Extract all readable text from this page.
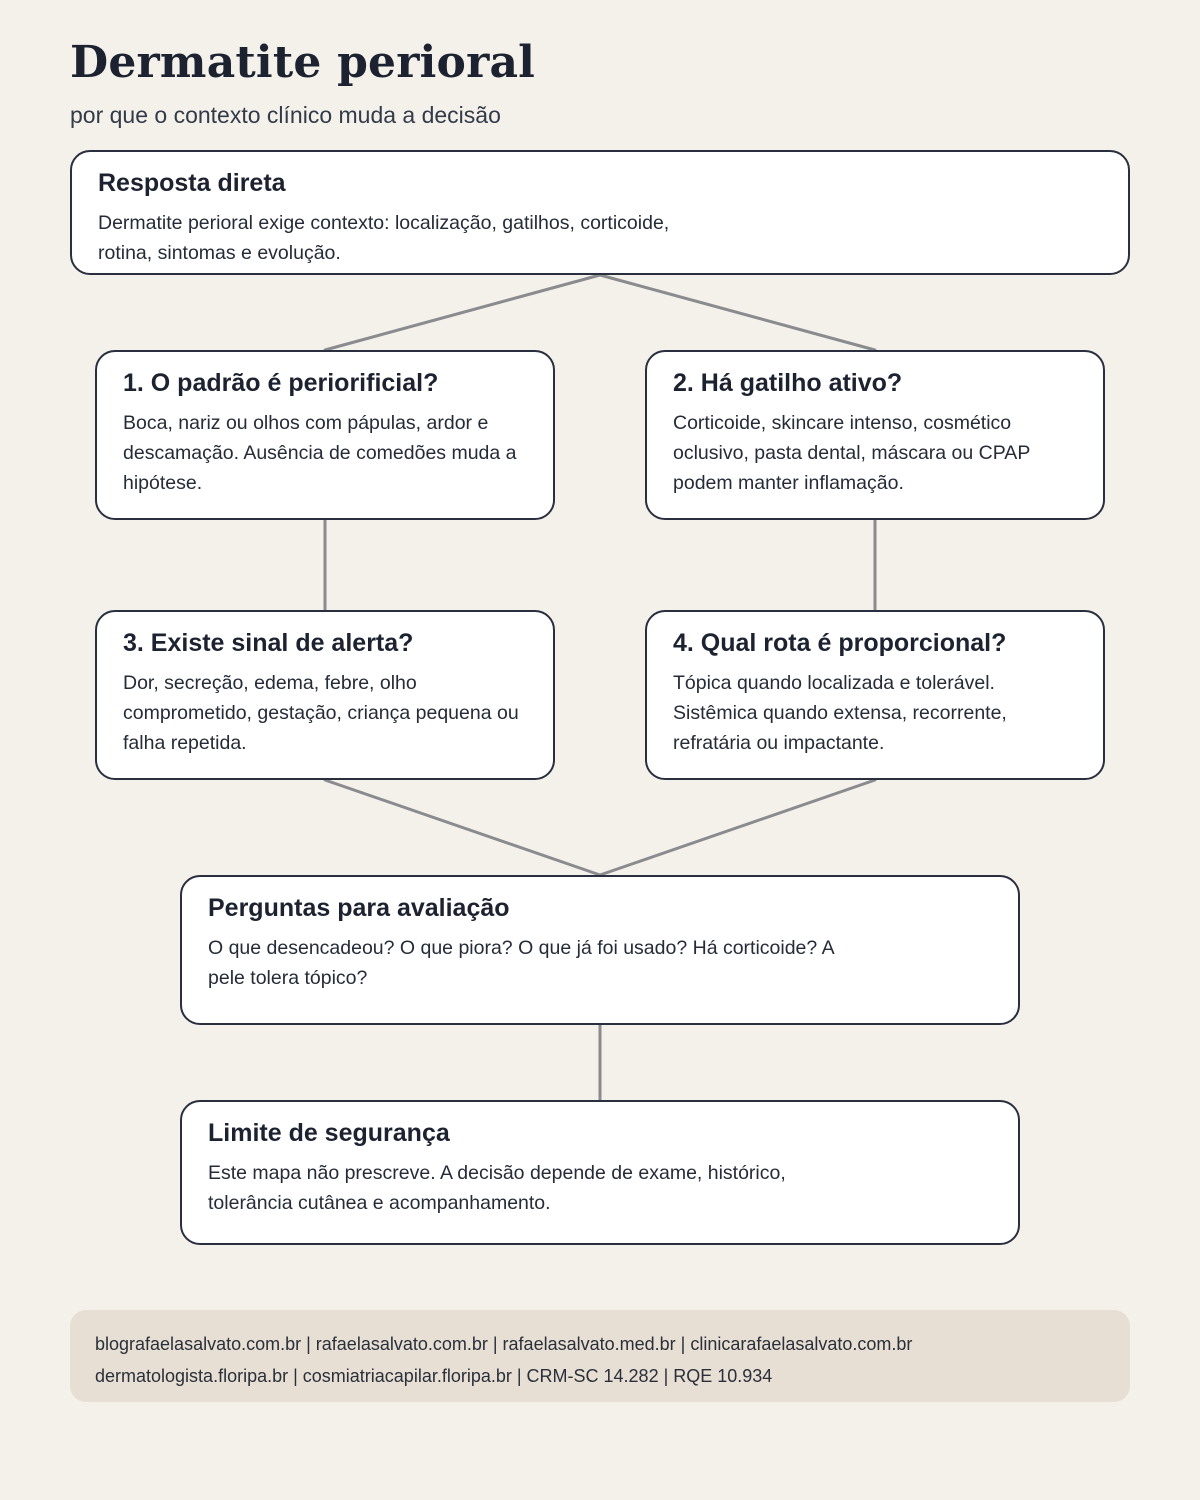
Dermatite perioral
por que o contexto clínico muda a decisão
Resposta direta

Dermatite perioral exige contexto: localização, gatilhos, corticoide, rotina, sintomas e evolução.

1. O padrão é periorificial?

Boca, nariz ou olhos com pápulas, ardor e descamação. Ausência de comedões muda a hipótese.

2. Há gatilho ativo?

Corticoide, skincare intenso, cosmético oclusivo, pasta dental, máscara ou CPAP podem manter inflamação.

3. Existe sinal de alerta?

Dor, secreção, edema, febre, olho comprometido, gestação, criança pequena ou falha repetida.

4. Qual rota é proporcional?

Tópica quando localizada e tolerável. Sistêmica quando extensa, recorrente, refratária ou impactante.

Perguntas para avaliação

O que desencadeou? O que piora? O que já foi usado? Há corticoide? A pele tolera tópico?

Limite de segurança

Este mapa não prescreve. A decisão depende de exame, histórico, tolerância cutânea e acompanhamento.

blografaelasalvato.com.br | rafaelasalvato.com.br | rafaelasalvato.med.br | clinicarafaelasalvato.com.br
dermatologista.floripa.br | cosmiatriacapilar.floripa.br | CRM-SC 14.282 | RQE 10.934
